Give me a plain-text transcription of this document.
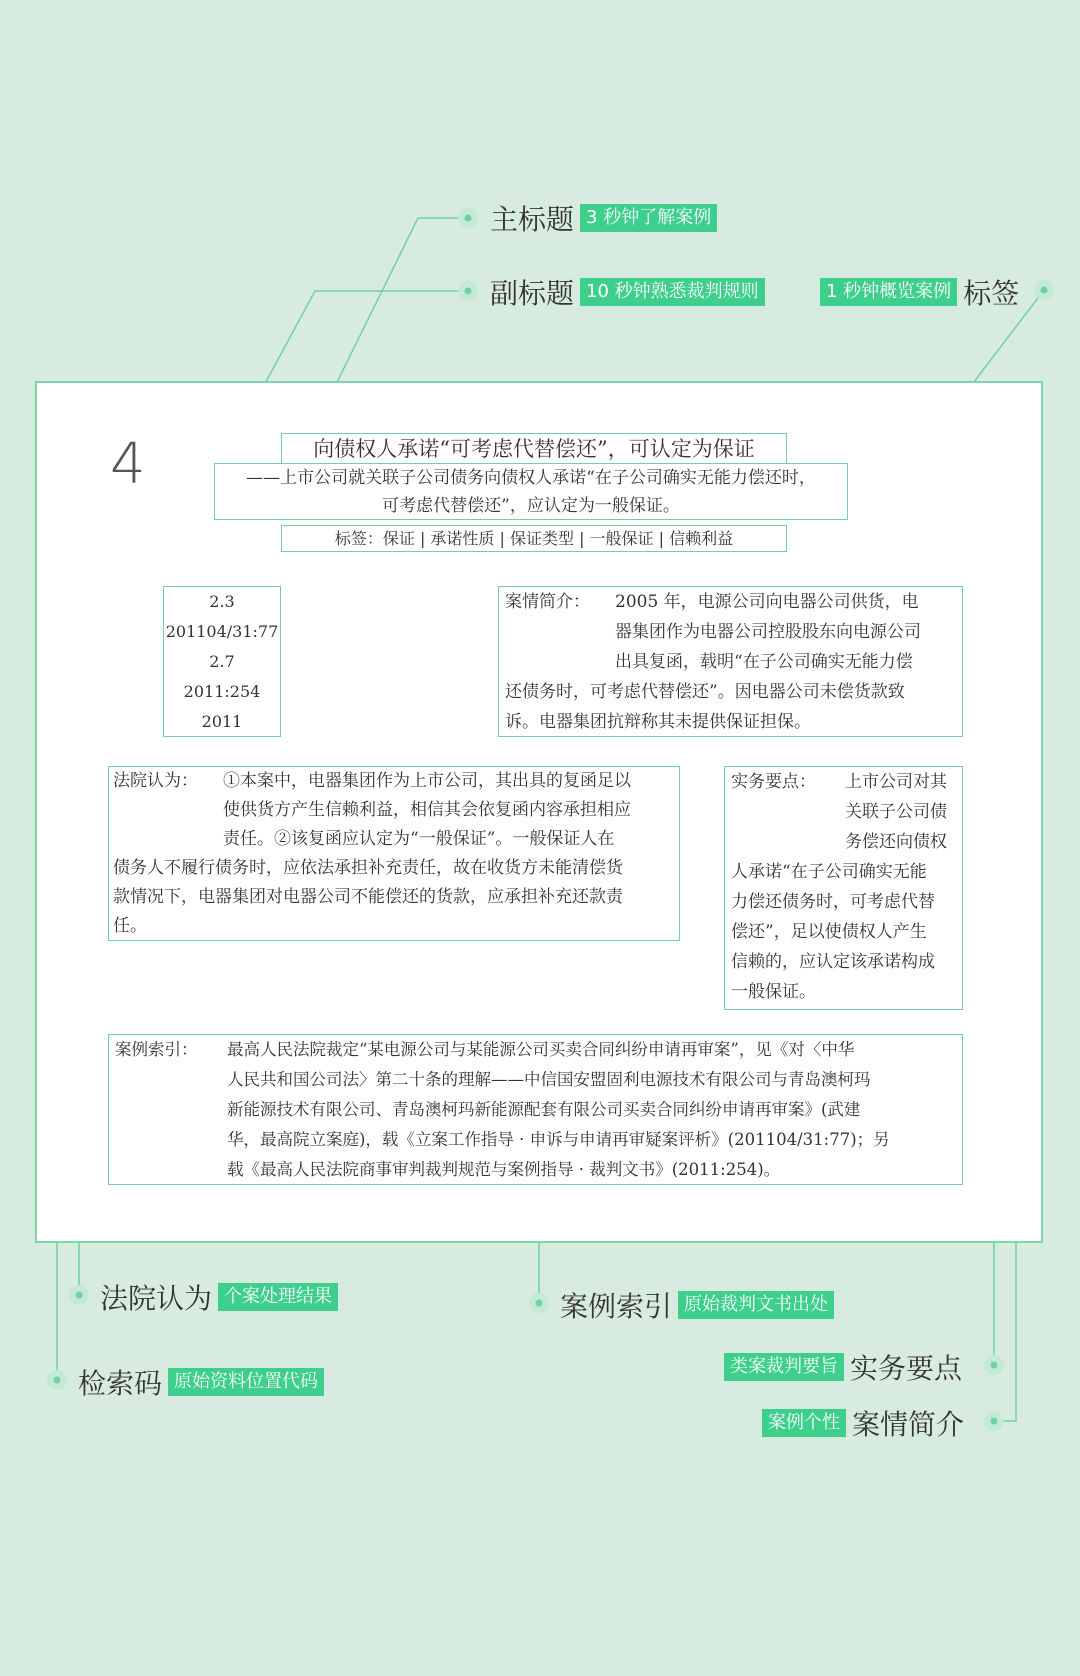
主标题 3 秒钟了解案例
副标题 10 秒钟熟悉裁判规则	1 秒钟概览案例 标签
4	向债权人承诺“可考虑代替偿还”，可认定为保证
——上市公司就关联子公司债务向债权人承诺“在子公司确实无能力偿还时，
可考虑代替偿还”，应认定为一般保证。
标签：保证 | 承诺性质 | 保证类型 | 一般保证 | 信赖利益
2.3
201104/31:77
2.7
2011:254
2011
案情简介：	2005 年，电源公司向电器公司供货，电
器集团作为电器公司控股股东向电源公司
出具复函，载明“在子公司确实无能力偿
还债务时，可考虑代替偿还”。因电器公司未偿货款致
诉。电器集团抗辩称其未提供保证担保。
法院认为：	①本案中，电器集团作为上市公司，其出具的复函足以
使供货方产生信赖利益，相信其会依复函内容承担相应
责任。②该复函应认定为“一般保证”。一般保证人在
债务人不履行债务时，应依法承担补充责任，故在收货方未能清偿货
款情况下，电器集团对电器公司不能偿还的货款，应承担补充还款责
任。
实务要点：	上市公司对其
关联子公司债
务偿还向债权
人承诺“在子公司确实无能
力偿还债务时，可考虑代替
偿还”，足以使债权人产生
信赖的，应认定该承诺构成
一般保证。
案例索引：	最高人民法院裁定“某电源公司与某能源公司买卖合同纠纷申请再审案”，见《对〈中华
人民共和国公司法〉第二十条的理解——中信国安盟固利电源技术有限公司与青岛澳柯玛
新能源技术有限公司、青岛澳柯玛新能源配套有限公司买卖合同纠纷申请再审案》(武建
华，最高院立案庭)，载《立案工作指导 · 申诉与申请再审疑案评析》(201104/31:77)；另
载《最高人民法院商事审判裁判规范与案例指导 · 裁判文书》(2011:254)。
法院认为 个案处理结果	案例索引 原始裁判文书出处
检索码 原始资料位置代码
类案裁判要旨 实务要点
案例个性 案情简介
